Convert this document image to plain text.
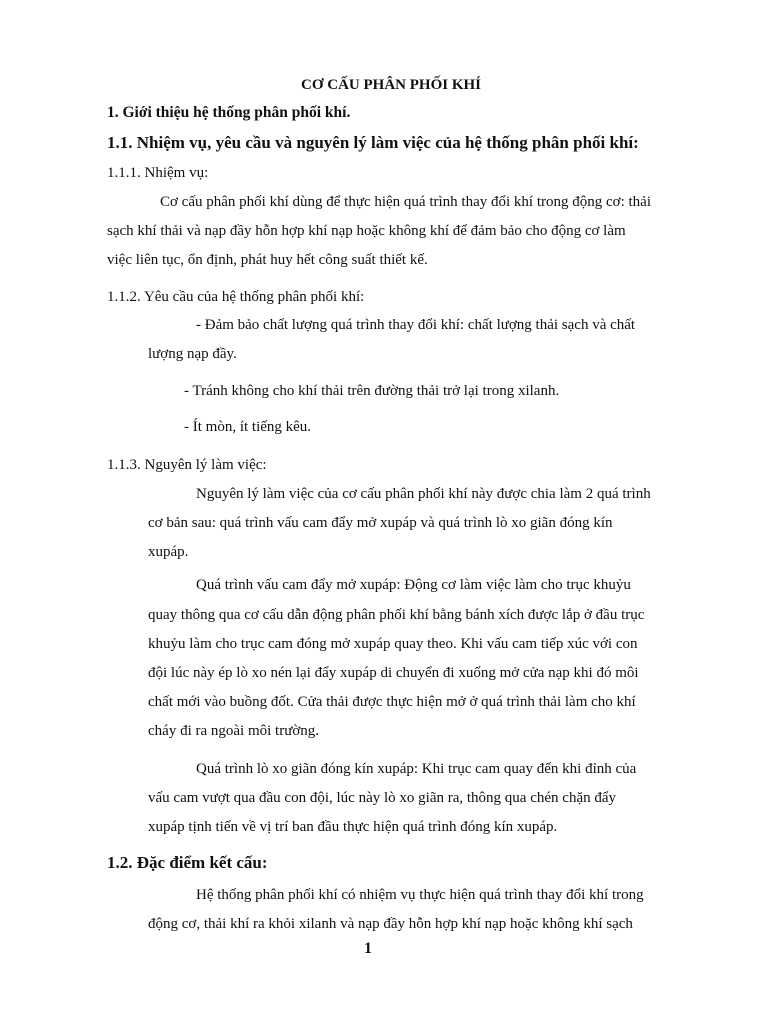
CƠ CẤU PHÂN PHỐI KHÍ
1. Giới thiệu hệ thống phân phối khí.
1.1. Nhiệm vụ, yêu cầu và nguyên lý làm việc của hệ thống phân phối khí:
1.1.1. Nhiệm vụ:
Cơ cấu phân phối khí dùng để thực hiện quá trình thay đổi khí trong động cơ: thải
sạch khí thải và nạp đầy hỗn hợp khí nạp hoặc không khí để đảm bảo cho động cơ làm
việc liên tục, ổn định, phát huy hết công suất thiết kế.
1.1.2. Yêu cầu của hệ thống phân phối khí:
- Đảm bảo chất lượng quá trình thay đổi khí: chất lượng thải sạch và chất
lượng nạp đầy.
- Tránh không cho khí thải trên đường thải trở lại trong xilanh.
- Ít mòn, ít tiếng kêu.
1.1.3. Nguyên lý làm việc:
Nguyên lý làm việc của cơ cấu phân phối khí này được chia làm 2 quá trình
cơ bản sau: quá trình vấu cam đẩy mở xupáp và quá trình lò xo giãn đóng kín
xupáp.
Quá trình vấu cam đẩy mở xupáp: Động cơ làm việc làm cho trục khuỷu
quay thông qua cơ cấu dẫn động phân phối khí bằng bánh xích được lắp ở đầu trục
khuỷu làm cho trục cam đóng mở xupáp quay theo. Khi vấu cam tiếp xúc với con
đội lúc này ép lò xo nén lại đẩy xupáp di chuyển đi xuống mở cửa nạp khi đó môi
chất mới vào buồng đốt. Cửa thải được thực hiện mở ở quá trình thải làm cho khí
cháy đi ra ngoài môi trường.
Quá trình lò xo giãn đóng kín xupáp: Khi trục cam quay đến khi đỉnh của
vấu cam vượt qua đầu con đội, lúc này lò xo giãn ra, thông qua chén chặn đẩy
xupáp tịnh tiến về vị trí ban đầu thực hiện quá trình đóng kín xupáp.
1.2. Đặc điểm kết cấu:
Hệ thống phân phối khí có nhiệm vụ thực hiện quá trình thay đổi khí trong
động cơ, thải khí ra khỏi xilanh và nạp đầy hỗn hợp khí nạp hoặc không khí sạch
1
